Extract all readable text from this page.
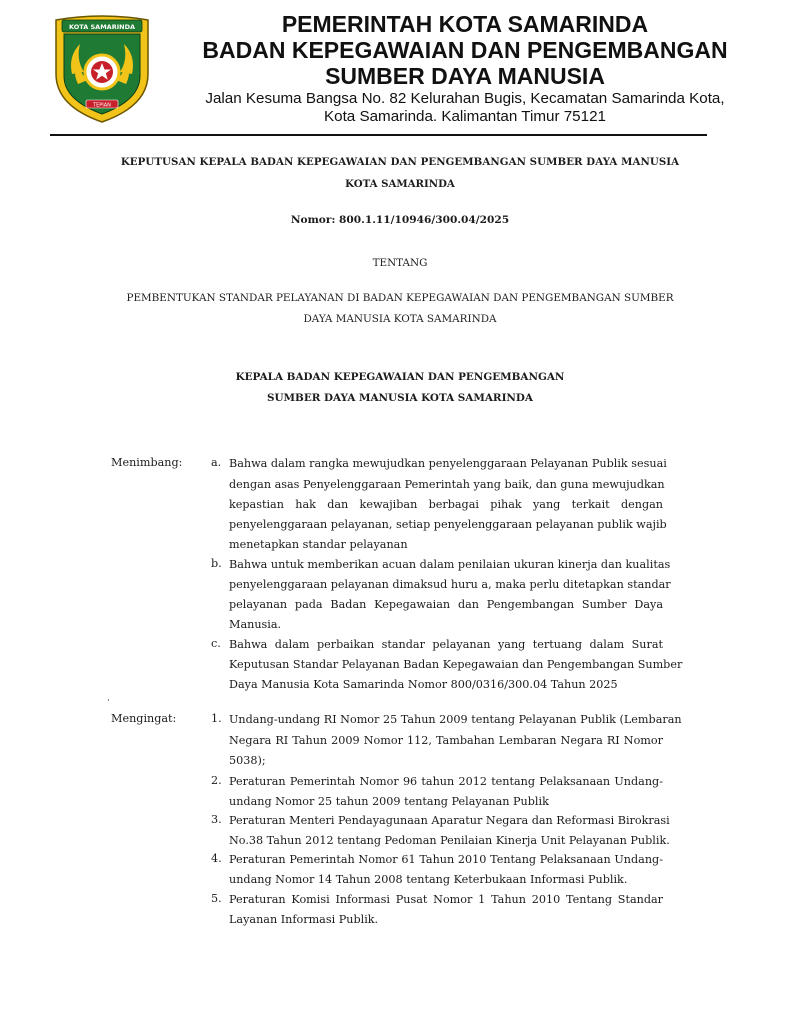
KOTA SAMARINDA
TEPIAN
PEMERINTAH KOTA SAMARINDA
BADAN KEPEGAWAIAN DAN PENGEMBANGAN
SUMBER DAYA MANUSIA
Jalan Kesuma Bangsa No. 82 Kelurahan Bugis, Kecamatan Samarinda Kota,
Kota Samarinda. Kalimantan Timur 75121
KEPUTUSAN KEPALA BADAN KEPEGAWAIAN DAN PENGEMBANGAN SUMBER DAYA MANUSIA
KOTA SAMARINDA
Nomor: 800.1.11/10946/300.04/2025
TENTANG
PEMBENTUKAN STANDAR PELAYANAN DI BADAN KEPEGAWAIAN DAN PENGEMBANGAN SUMBER
DAYA MANUSIA KOTA SAMARINDA
KEPALA BADAN KEPEGAWAIAN DAN PENGEMBANGAN
SUMBER DAYA MANUSIA KOTA SAMARINDA
Menimbang:	a. Bahwa dalam rangka mewujudkan penyelenggaraan Pelayanan Publik sesuai
dengan asas Penyelenggaraan Pemerintah yang baik, dan guna mewujudkan
kepastian hak dan kewajiban berbagai pihak yang terkait dengan
penyelenggaraan pelayanan, setiap penyelenggaraan pelayanan publik wajib
menetapkan standar pelayanan
b. Bahwa untuk memberikan acuan dalam penilaian ukuran kinerja dan kualitas
penyelenggaraan pelayanan dimaksud huru a, maka perlu ditetapkan standar
pelayanan pada Badan Kepegawaian dan Pengembangan Sumber Daya
Manusia.
c. Bahwa dalam perbaikan standar pelayanan yang tertuang dalam Surat
Keputusan Standar Pelayanan Badan Kepegawaian dan Pengembangan Sumber
Daya Manusia Kota Samarinda Nomor 800/0316/300.04 Tahun 2025
·
Mengingat:	1. Undang-undang RI Nomor 25 Tahun 2009 tentang Pelayanan Publik (Lembaran
Negara RI Tahun 2009 Nomor 112, Tambahan Lembaran Negara RI Nomor
5038);
2. Peraturan Pemerintah Nomor 96 tahun 2012 tentang Pelaksanaan Undang-
undang Nomor 25 tahun 2009 tentang Pelayanan Publik
3. Peraturan Menteri Pendayagunaan Aparatur Negara dan Reformasi Birokrasi
No.38 Tahun 2012 tentang Pedoman Penilaian Kinerja Unit Pelayanan Publik.
4. Peraturan Pemerintah Nomor 61 Tahun 2010 Tentang Pelaksanaan Undang-
undang Nomor 14 Tahun 2008 tentang Keterbukaan Informasi Publik.
5. Peraturan Komisi Informasi Pusat Nomor 1 Tahun 2010 Tentang Standar
Layanan Informasi Publik.
